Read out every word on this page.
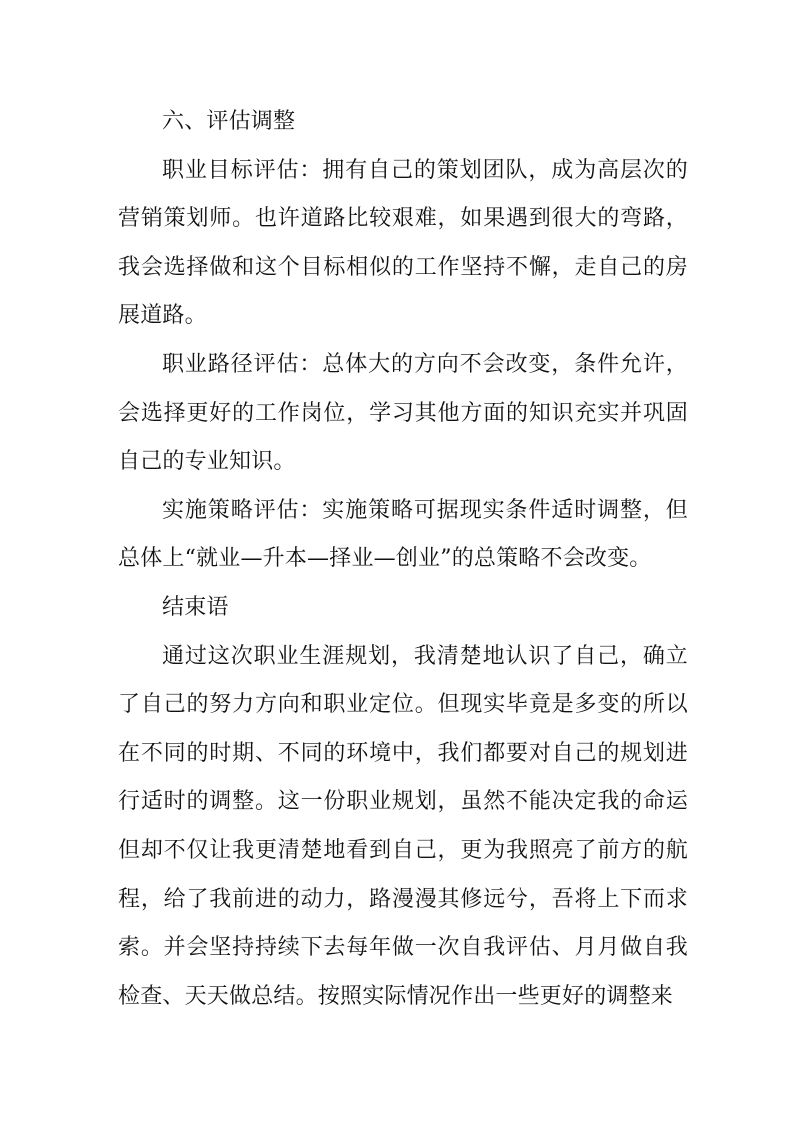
六、评估调整

职业目标评估：拥有自己的策划团队，成为高层次的营销策划师。也许道路比较艰难，如果遇到很大的弯路，我会选择做和这个目标相似的工作坚持不懈，走自己的房展道路。

职业路径评估：总体大的方向不会改变，条件允许，会选择更好的工作岗位，学习其他方面的知识充实并巩固自己的专业知识。

实施策略评估：实施策略可据现实条件适时调整，但总体上“就业—升本—择业—创业”的总策略不会改变。

结束语

通过这次职业生涯规划，我清楚地认识了自己，确立了自己的努力方向和职业定位。但现实毕竟是多变的所以在不同的时期、不同的环境中，我们都要对自己的规划进行适时的调整。这一份职业规划，虽然不能决定我的命运但却不仅让我更清楚地看到自己，更为我照亮了前方的航程，给了我前进的动力，路漫漫其修远兮，吾将上下而求索。并会坚持持续下去每年做一次自我评估、月月做自我检查、天天做总结。按照实际情况作出一些更好的调整来
